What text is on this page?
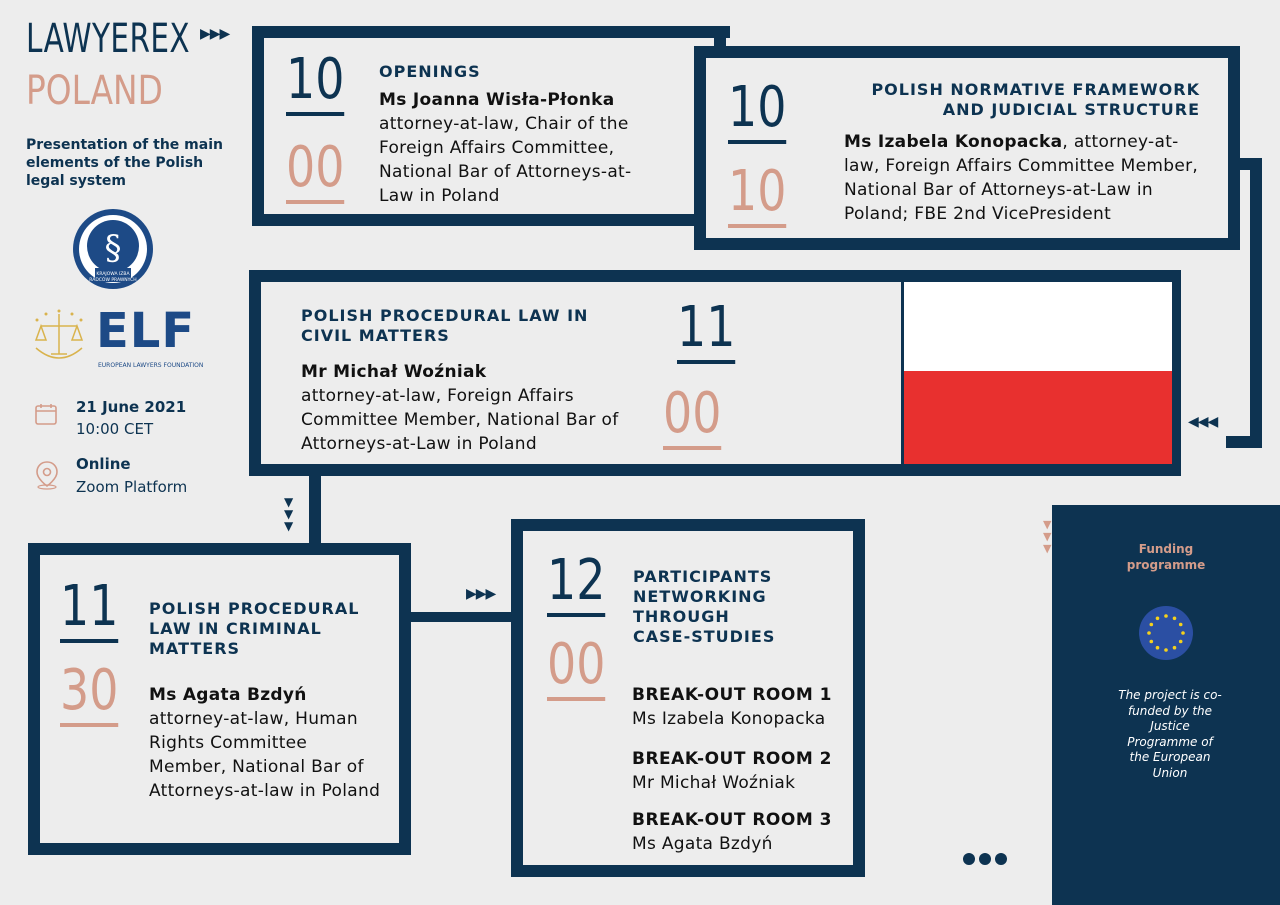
LAWYEREX ▶▶▶
POLAND
Presentation of the main elements of the Polish legal system
§
KRAJOWA IZBA
RADCÓW PRAWNYCH
ELF
EUROPEAN LAWYERS FOUNDATION
21 June 2021
10:00 CET
Online
Zoom Platform
◀◀◀
▼
▼
▼
▶▶▶
10
00
OPENINGS
Ms Joanna Wisła-Płonka
attorney-at-law, Chair of the Foreign Affairs Committee, National Bar of Attorneys-at-Law in Poland
10
10
POLISH NORMATIVE FRAMEWORK
AND JUDICIAL STRUCTURE
Ms Izabela Konopacka, attorney-at-law, Foreign Affairs Committee Member, National Bar of Attorneys-at-Law in Poland; FBE 2nd VicePresident
POLISH PROCEDURAL LAW IN
CIVIL MATTERS
Mr Michał Woźniak
attorney-at-law, Foreign Affairs Committee Member, National Bar of Attorneys-at-Law in Poland
11
00
11
30
POLISH PROCEDURAL
LAW IN CRIMINAL
MATTERS
Ms Agata Bzdyń
attorney-at-law, Human Rights Committee Member, National Bar of Attorneys-at-law in Poland
12
00
PARTICIPANTS
NETWORKING
THROUGH
CASE-STUDIES
BREAK-OUT ROOM 1
Ms Izabela Konopacka
BREAK-OUT ROOM 2
Mr Michał Woźniak
BREAK-OUT ROOM 3
Ms Agata Bzdyń
▼
▼
▼	Funding
programme
The project is co-funded by the Justice Programme of the European Union
